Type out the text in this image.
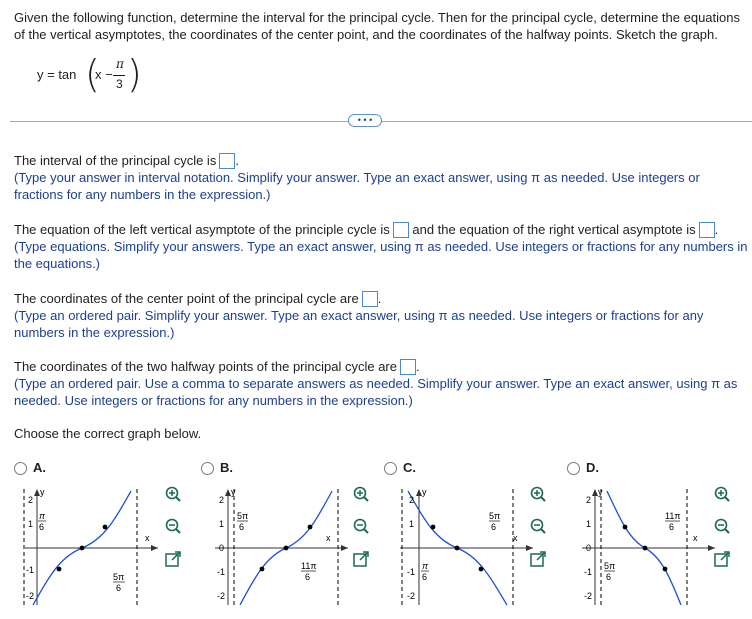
Given the following function, determine the interval for the principal cycle. Then for the principal cycle, determine the equations
of the vertical asymptotes, the coordinates of the center point, and the coordinates of the halfway points. Sketch the graph.
y = tan (
x −
π
3 )
• • •
The interval of the principal cycle is .
(Type your answer in interval notation. Simplify your answer. Type an exact answer, using π as needed. Use integers or
fractions for any numbers in the expression.)
The equation of the left vertical asymptote of the principle cycle is and the equation of the right vertical asymptote is .
(Type equations. Simplify your answers. Type an exact answer, using π as needed. Use integers or fractions for any numbers in
the equations.)
The coordinates of the center point of the principal cycle are .
(Type an ordered pair. Simplify your answer. Type an exact answer, using π as needed. Use integers or fractions for any
numbers in the expression.)
The coordinates of the two halfway points of the principal cycle are .
(Type an ordered pair. Use a comma to separate answers as needed. Simplify your answer. Type an exact answer, using π as
needed. Use integers or fractions for any numbers in the expression.)
Choose the correct graph below.
A.
y
2
1
-1
-2
π
6
5π
6
x
B.
y
2
1
0
-1
-2
5π
6
11π
6
x
C.
y
2
1
-1
-2
5π
6
π
6
x
D.
y
2
1
0
-1
-2
11π
6
5π
6
x
